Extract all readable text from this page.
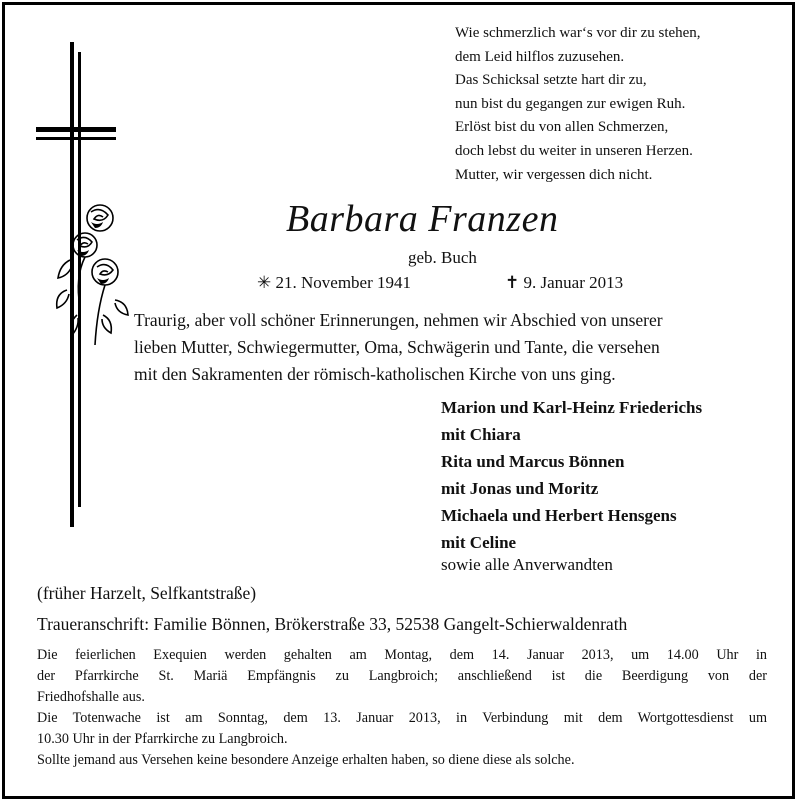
Wie schmerzlich war‘s vor dir zu stehen,
dem Leid hilflos zuzusehen.
Das Schicksal setzte hart dir zu,
nun bist du gegangen zur ewigen Ruh.
Erlöst bist du von allen Schmerzen,
doch lebst du weiter in unseren Herzen.
Mutter, wir vergessen dich nicht.
Barbara Franzen
geb. Buch
✳ 21. November 1941	✝ 9. Januar 2013
Traurig, aber voll schöner Erinnerungen, nehmen wir Abschied von unserer
lieben Mutter, Schwiegermutter, Oma, Schwägerin und Tante, die versehen
mit den Sakramenten der römisch-katholischen Kirche von uns ging.
Marion und Karl-Heinz Friederichs
mit Chiara
Rita und Marcus Bönnen
mit Jonas und Moritz
Michaela und Herbert Hensgens
mit Celine
sowie alle Anverwandten
(früher Harzelt, Selfkantstraße)
Traueranschrift: Familie Bönnen, Brökerstraße 33, 52538 Gangelt-Schierwaldenrath
Die feierlichen Exequien werden gehalten am Montag, dem 14. Januar 2013, um 14.00 Uhr in
der Pfarrkirche St. Mariä Empfängnis zu Langbroich; anschließend ist die Beerdigung von der
Friedhofshalle aus.
Die Totenwache ist am Sonntag, dem 13. Januar 2013, in Verbindung mit dem Wortgottesdienst um
10.30 Uhr in der Pfarrkirche zu Langbroich.
Sollte jemand aus Versehen keine besondere Anzeige erhalten haben, so diene diese als solche.
